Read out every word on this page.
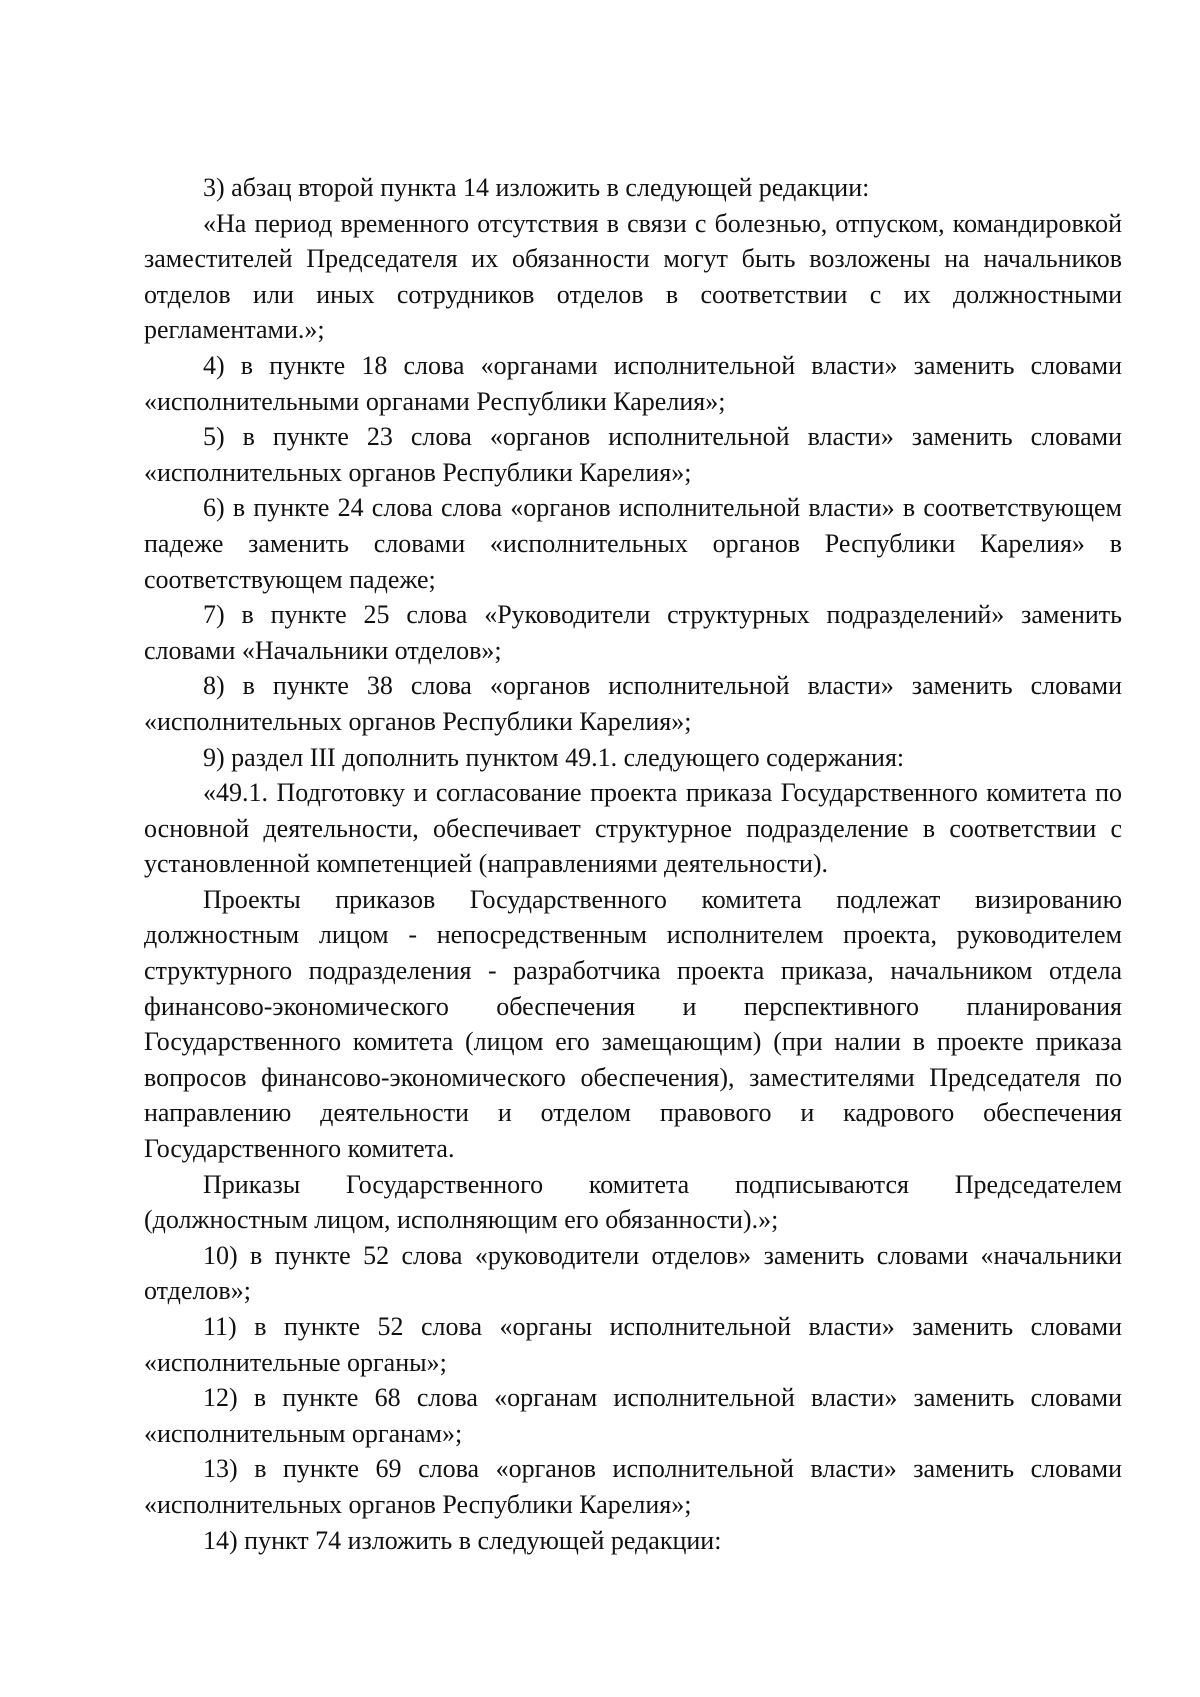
3) абзац второй пункта 14 изложить в следующей редакции:

«На период временного отсутствия в связи с болезнью, отпуском, командировкой заместителей Председателя их обязанности могут быть возложены на начальников отделов или иных сотрудников отделов в соответствии с их должностными регламентами.»;

4) в пункте 18 слова «органами исполнительной власти» заменить словами «исполнительными органами Республики Карелия»;

5) в пункте 23 слова «органов исполнительной власти» заменить словами «исполнительных органов Республики Карелия»;

6) в пункте 24 слова слова «органов исполнительной власти» в соответствующем падеже заменить словами «исполнительных органов Республики Карелия» в соответствующем падеже;

7) в пункте 25 слова «Руководители структурных подразделений» заменить словами «Начальники отделов»;

8) в пункте 38 слова «органов исполнительной власти» заменить словами «исполнительных органов Республики Карелия»;

9) раздел III дополнить пунктом 49.1. следующего содержания:

«49.1. Подготовку и согласование проекта приказа Государственного комитета по основной деятельности, обеспечивает структурное подразделение в соответствии с установленной компетенцией (направлениями деятельности).

Проекты приказов Государственного комитета подлежат визированию должностным лицом - непосредственным исполнителем проекта, руководителем структурного подразделения - разработчика проекта приказа, начальником отдела финансово-экономического обеспечения и перспективного планирования Государственного комитета (лицом его замещающим) (при налии в проекте приказа вопросов финансово-экономического обеспечения), заместителями Председателя по направлению деятельности и отделом правового и кадрового обеспечения Государственного комитета.

Приказы Государственного комитета подписываются Председателем (должностным лицом, исполняющим его обязанности).»;

10) в пункте 52 слова «руководители отделов» заменить словами «начальники отделов»;

11) в пункте 52 слова «органы исполнительной власти» заменить словами «исполнительные органы»;

12) в пункте 68 слова «органам исполнительной власти» заменить словами «исполнительным органам»;

13) в пункте 69 слова «органов исполнительной власти» заменить словами «исполнительных органов Республики Карелия»;

14) пункт 74 изложить в следующей редакции:
